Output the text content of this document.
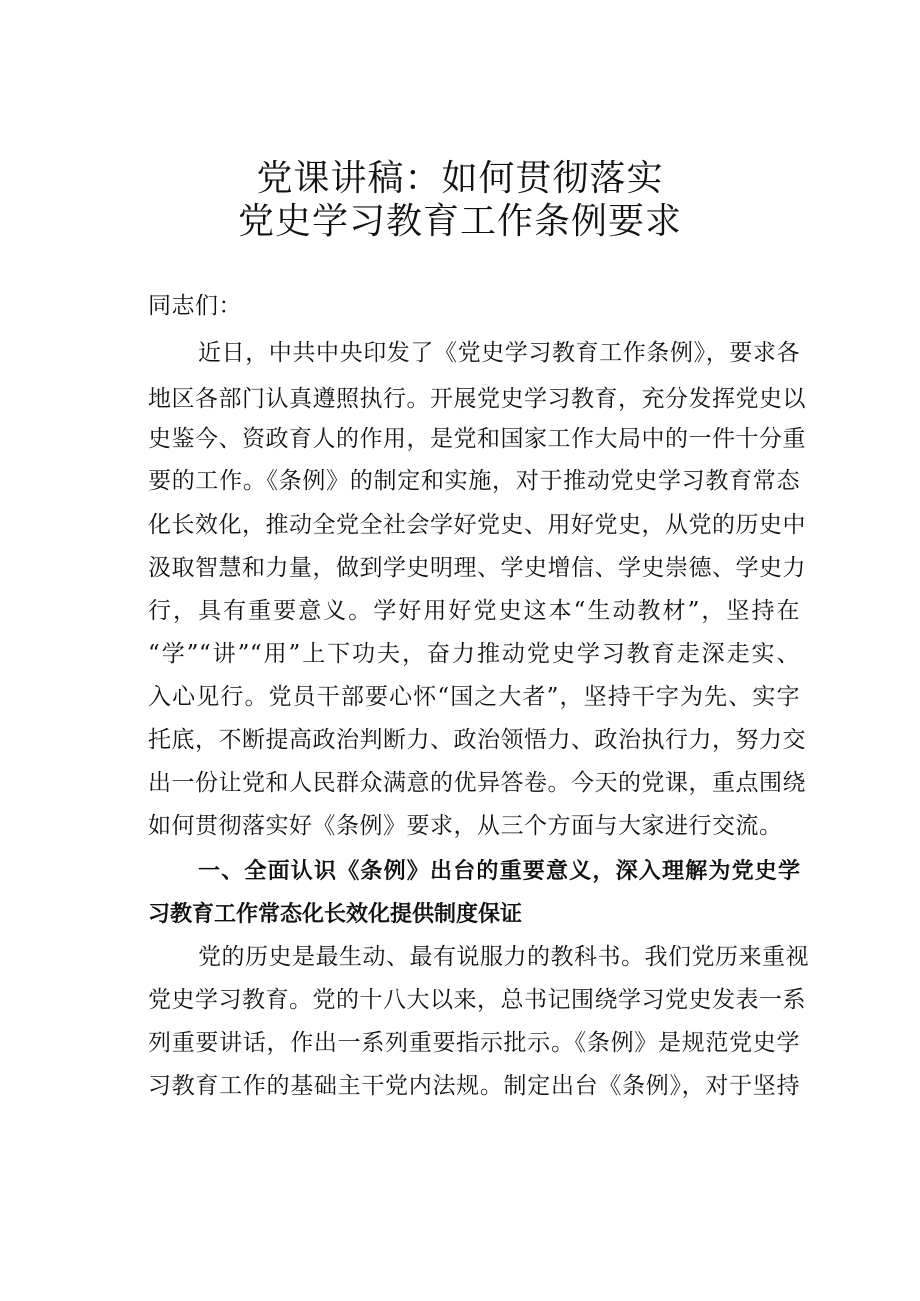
党课讲稿：如何贯彻落实
党史学习教育工作条例要求
同志们：
近日，中共中央印发了《党史学习教育工作条例》，要求各
地区各部门认真遵照执行。开展党史学习教育，充分发挥党史以
史鉴今、资政育人的作用，是党和国家工作大局中的一件十分重
要的工作。《条例》的制定和实施，对于推动党史学习教育常态
化长效化，推动全党全社会学好党史、用好党史，从党的历史中
汲取智慧和力量，做到学史明理、学史增信、学史崇德、学史力
行，具有重要意义。学好用好党史这本“生动教材”，坚持在
“学”“讲”“用”上下功夫，奋力推动党史学习教育走深走实、
入心见行。党员干部要心怀“国之大者”，坚持干字为先、实字
托底，不断提高政治判断力、政治领悟力、政治执行力，努力交
出一份让党和人民群众满意的优异答卷。今天的党课，重点围绕
如何贯彻落实好《条例》要求，从三个方面与大家进行交流。
一、全面认识《条例》出台的重要意义，深入理解为党史学
习教育工作常态化长效化提供制度保证
党的历史是最生动、最有说服力的教科书。我们党历来重视
党史学习教育。党的十八大以来，总书记围绕学习党史发表一系
列重要讲话，作出一系列重要指示批示。《条例》是规范党史学
习教育工作的基础主干党内法规。制定出台《条例》，对于坚持
